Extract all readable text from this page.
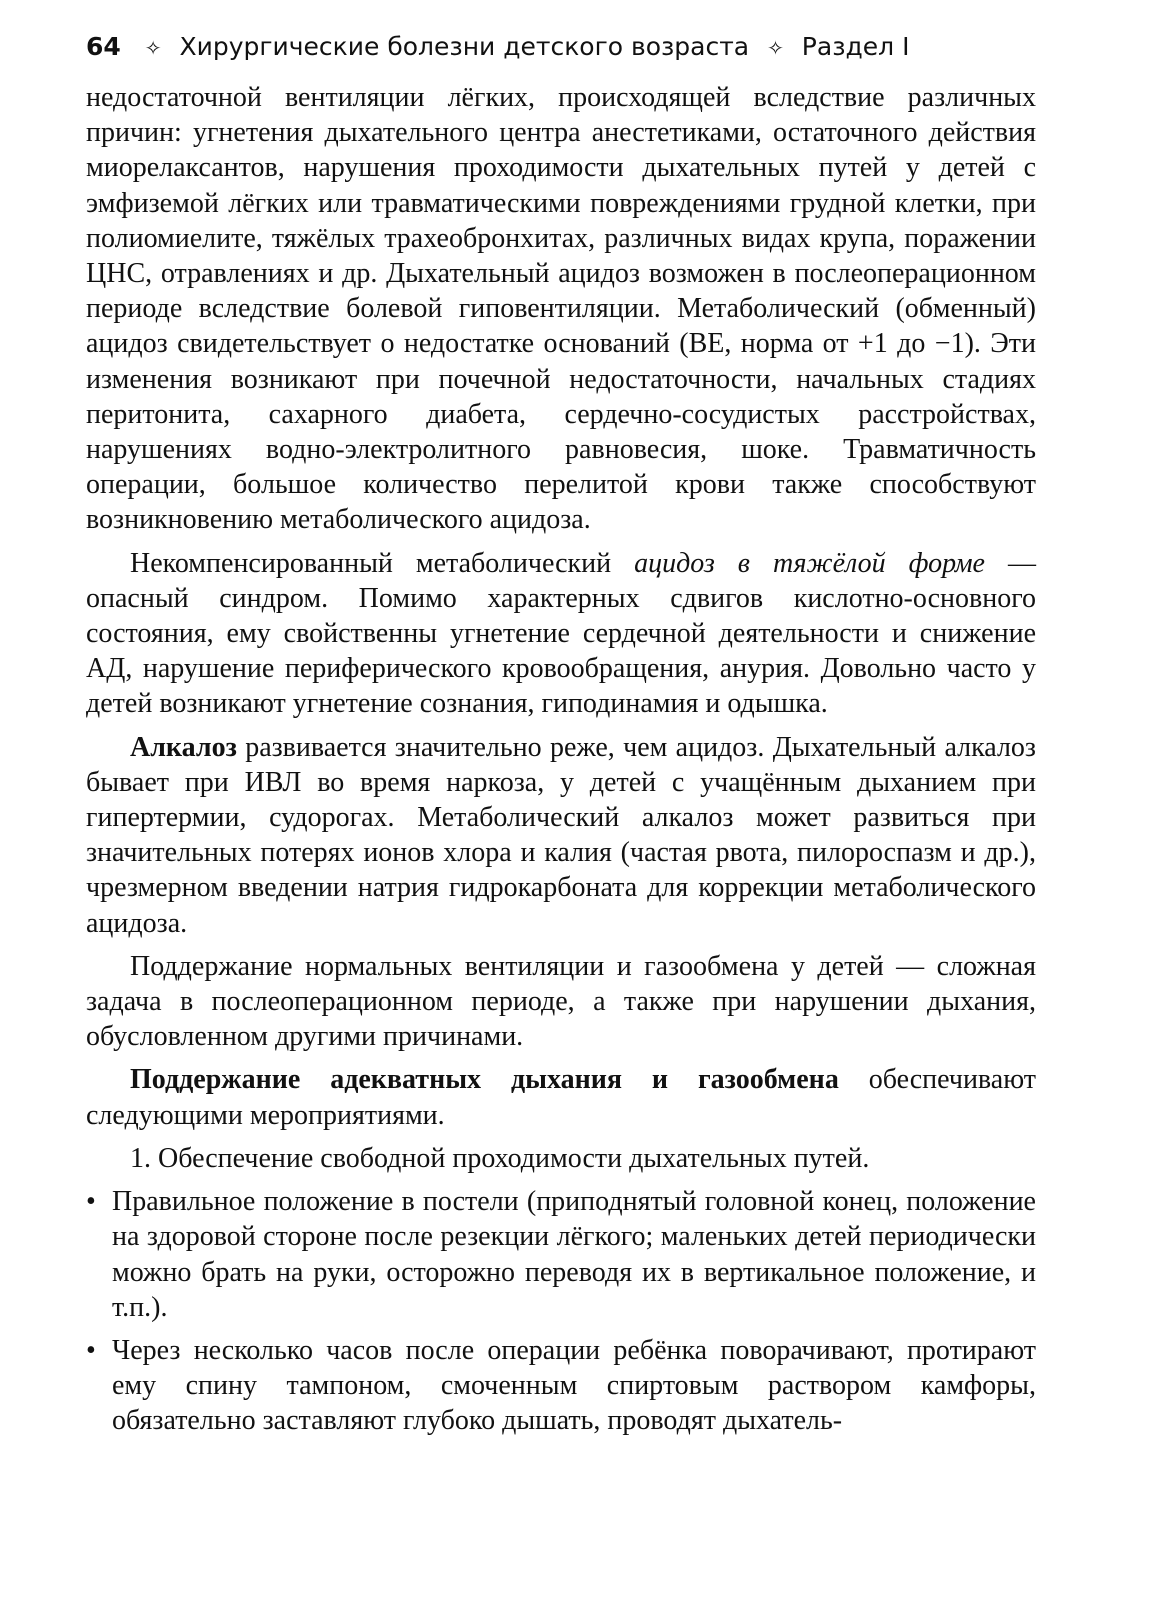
64 ✧ Хирургические болезни детского возраста ✧ Раздел I

недостаточной вентиляции лёгких, происходящей вследствие различных причин: угнетения дыхательного центра анестетиками, остаточного действия миорелаксантов, нарушения проходимости дыхательных путей у детей с эмфиземой лёгких или травматическими повреждениями грудной клетки, при полиомиелите, тяжёлых трахеобронхитах, различных видах крупа, поражении ЦНС, отравлениях и др. Дыхательный ацидоз возможен в послеоперационном периоде вследствие болевой гиповентиляции. Метаболический (обменный) ацидоз свидетельствует о недостатке оснований (BE, норма от +1 до −1). Эти изменения возникают при почечной недостаточности, начальных стадиях перитонита, сахарного диабета, сердечно-сосудистых расстройствах, нарушениях водно-электролитного равновесия, шоке. Травматичность операции, большое количество перелитой крови также способствуют возникновению метаболического ацидоза.

Некомпенсированный метаболический ацидоз в тяжёлой форме — опасный синдром. Помимо характерных сдвигов кислотно-основного состояния, ему свойственны угнетение сердечной деятельности и снижение АД, нарушение периферического кровообращения, анурия. Довольно часто у детей возникают угнетение сознания, гиподинамия и одышка.

Алкалоз развивается значительно реже, чем ацидоз. Дыхательный алкалоз бывает при ИВЛ во время наркоза, у детей с учащённым дыханием при гипертермии, судорогах. Метаболический алкалоз может развиться при значительных потерях ионов хлора и калия (частая рвота, пилороспазм и др.), чрезмерном введении натрия гидрокарбоната для коррекции метаболического ацидоза.

Поддержание нормальных вентиляции и газообмена у детей — сложная задача в послеоперационном периоде, а также при нарушении дыхания, обусловленном другими причинами.

Поддержание адекватных дыхания и газообмена обеспечивают следующими мероприятиями.

1. Обеспечение свободной проходимости дыхательных путей.

• Правильное положение в постели (приподнятый головной конец, положение на здоровой стороне после резекции лёгкого; маленьких детей периодически можно брать на руки, осторожно переводя их в вертикальное положение, и т.п.).
• Через несколько часов после операции ребёнка поворачивают, протирают ему спину тампоном, смоченным спиртовым раствором камфоры, обязательно заставляют глубоко дышать, проводят дыхатель-
